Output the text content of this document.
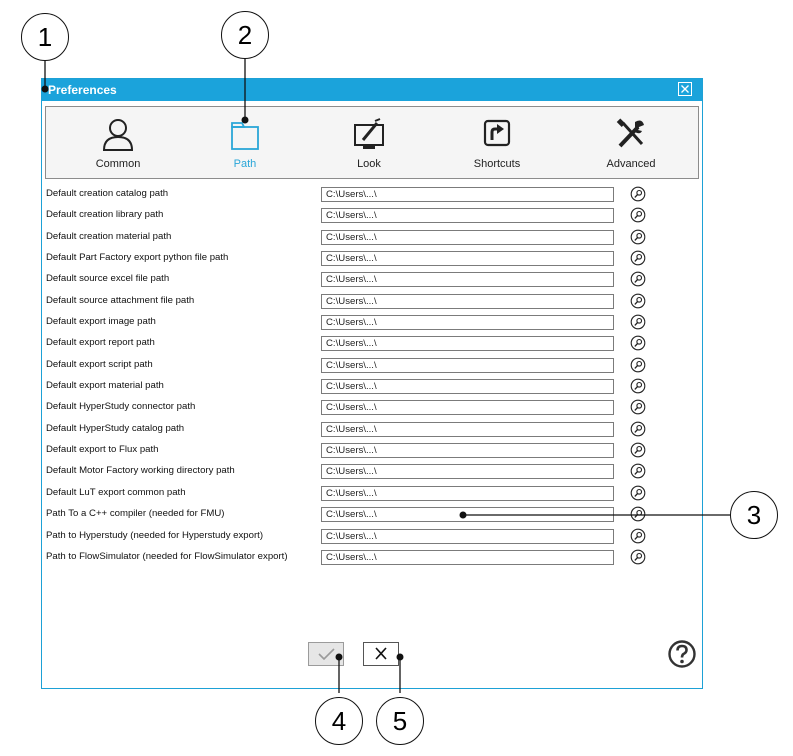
1	2
3
4	5
Preferences
Common	Path	Look	Shortcuts	Advanced
Default creation catalog path	C:\Users\...\
Default creation library path	C:\Users\...\
Default creation material path	C:\Users\...\
Default Part Factory export python file path	C:\Users\...\
Default source excel file path	C:\Users\...\
Default source attachment file path	C:\Users\...\
Default export image path	C:\Users\...\
Default export report path	C:\Users\...\
Default export script path	C:\Users\...\
Default export material path	C:\Users\...\
Default HyperStudy connector path	C:\Users\...\
Default HyperStudy catalog path	C:\Users\...\
Default export to Flux path	C:\Users\...\
Default Motor Factory working directory path	C:\Users\...\
Default LuT export common path	C:\Users\...\
Path To a C++ compiler (needed for FMU)	C:\Users\...\
Path to Hyperstudy (needed for Hyperstudy export)	C:\Users\...\
Path to FlowSimulator (needed for FlowSimulator export)	C:\Users\...\
